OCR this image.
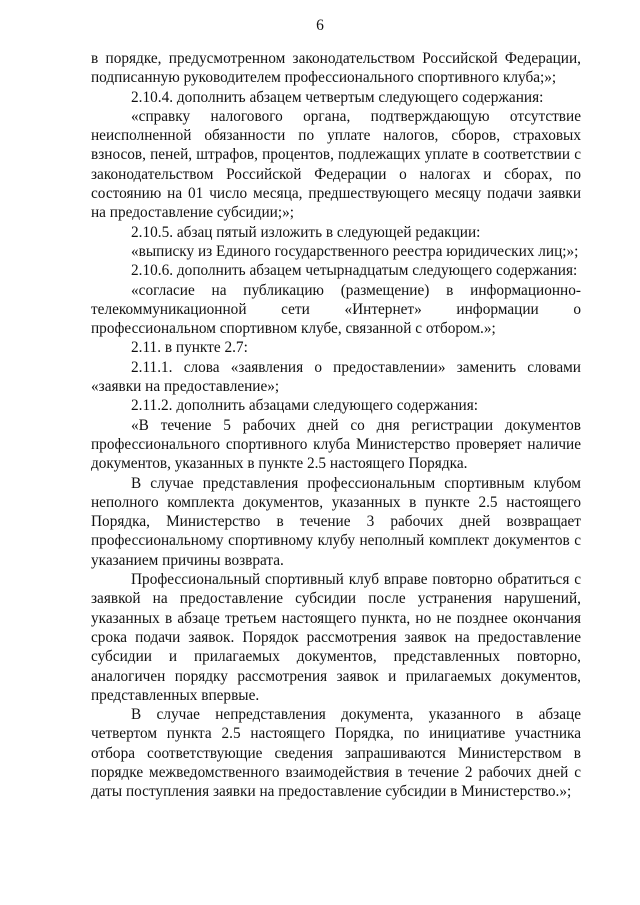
6

в порядке, предусмотренном законодательством Российской Федерации, подписанную руководителем профессионального спортивного клуба;»;

2.10.4. дополнить абзацем четвертым следующего содержания:

«справку налогового органа, подтверждающую отсутствие неисполненной обязанности по уплате налогов, сборов, страховых взносов, пеней, штрафов, процентов, подлежащих уплате в соответствии с законодательством Российской Федерации о налогах и сборах, по состоянию на 01 число месяца, предшествующего месяцу подачи заявки на предоставление субсидии;»;

2.10.5. абзац пятый изложить в следующей редакции:

«выписку из Единого государственного реестра юридических лиц;»;

2.10.6. дополнить абзацем четырнадцатым следующего содержания:

«согласие на публикацию (размещение) в информационно-телекоммуникационной сети «Интернет» информации о профессиональном спортивном клубе, связанной с отбором.»;

2.11. в пункте 2.7:

2.11.1. слова «заявления о предоставлении» заменить словами «заявки на предоставление»;

2.11.2. дополнить абзацами следующего содержания:

«В течение 5 рабочих дней со дня регистрации документов профессионального спортивного клуба Министерство проверяет наличие документов, указанных в пункте 2.5 настоящего Порядка.

В случае представления профессиональным спортивным клубом неполного комплекта документов, указанных в пункте 2.5 настоящего Порядка, Министерство в течение 3 рабочих дней возвращает профессиональному спортивному клубу неполный комплект документов с указанием причины возврата.

Профессиональный спортивный клуб вправе повторно обратиться с заявкой на предоставление субсидии после устранения нарушений, указанных в абзаце третьем настоящего пункта, но не позднее окончания срока подачи заявок. Порядок рассмотрения заявок на предоставление субсидии и прилагаемых документов, представленных повторно, аналогичен порядку рассмотрения заявок и прилагаемых документов, представленных впервые.

В случае непредставления документа, указанного в абзаце четвертом пункта 2.5 настоящего Порядка, по инициативе участника отбора соответствующие сведения запрашиваются Министерством в порядке межведомственного взаимодействия в течение 2 рабочих дней с даты поступления заявки на предоставление субсидии в Министерство.»;
